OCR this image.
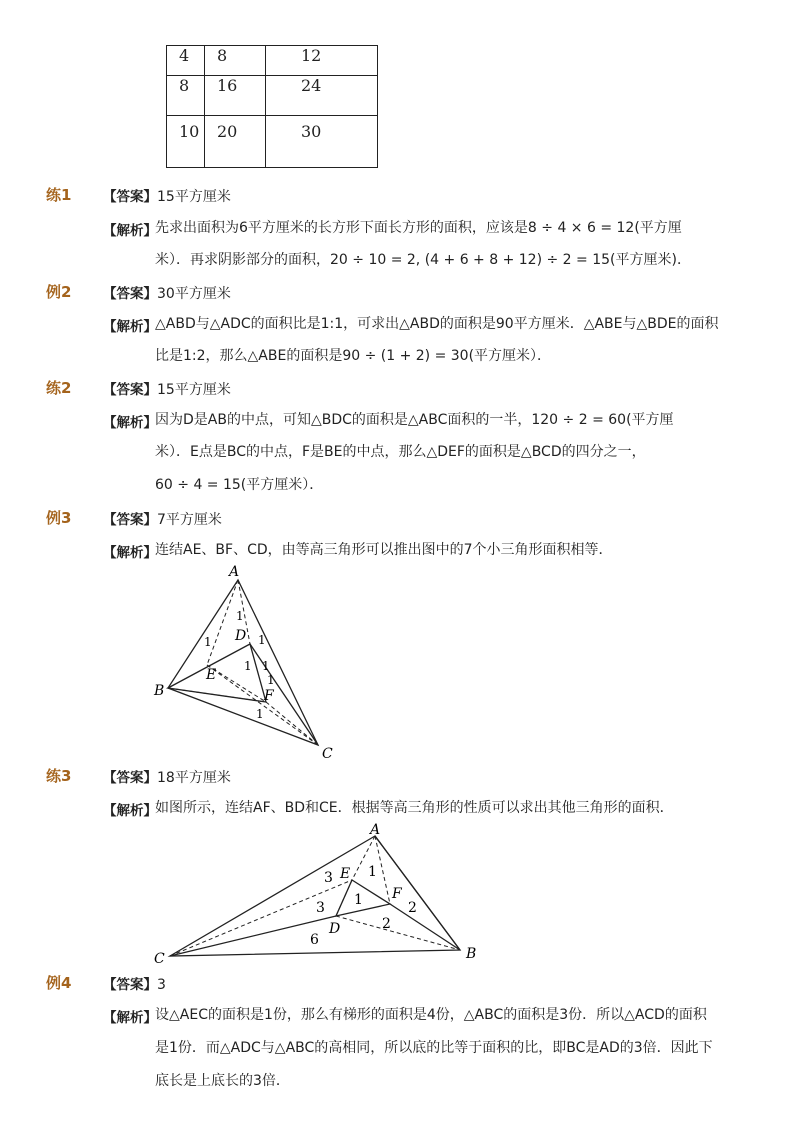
4	8	12
8	16	24
10	20	30
练1 【答案】15平方厘米
【解析】
先求出面积为6平方厘米的长方形下面长方形的面积，应该是8 ÷ 4 × 6 = 12(平方厘
米）．再求阴影部分的面积，20 ÷ 10 = 2, (4 + 6 + 8 + 12) ÷ 2 = 15(平方厘米)．
例2 【答案】30平方厘米
【解析】
△ABD与△ADC的面积比是1:1，可求出△ABD的面积是90平方厘米．△ABE与△BDE的面积
比是1:2，那么△ABE的面积是90 ÷ (1 + 2) = 30(平方厘米）．
练2 【答案】15平方厘米
【解析】
因为D是AB的中点，可知△BDC的面积是△ABC面积的一半，120 ÷ 2 = 60(平方厘
米）．E点是BC的中点，F是BE的中点，那么△DEF的面积是△BCD的四分之一，
60 ÷ 4 = 15(平方厘米）．
例3 【答案】7平方厘米
【解析】
连结AE、BF、CD，由等高三角形可以推出图中的7个小三角形面积相等．
A
B
C
D
E
F
1
1	1
1 1
1
1
练3 【答案】18平方厘米
【解析】
如图所示，连结AF、BD和CE．根据等高三角形的性质可以求出其他三角形的面积．
A
B
C
D
E
F
3	1
3 1	2
2
6
例4 【答案】3
【解析】
设△AEC的面积是1份，那么有梯形的面积是4份，△ABC的面积是3份．所以△ACD的面积
是1份．而△ADC与△ABC的高相同，所以底的比等于面积的比，即BC是AD的3倍．因此下
底长是上底长的3倍．
